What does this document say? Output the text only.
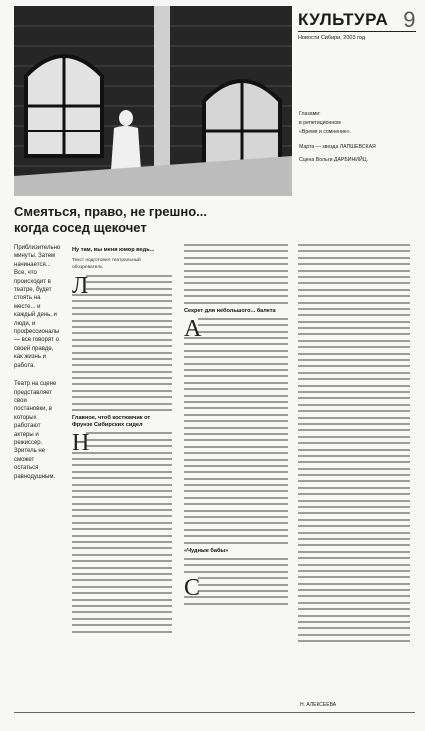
КУЛЬТУРА 9
Новости Сибири, 2003 год
Глазами:
в репетиционном
«Время и сомнение».
Марта — звезда ЛАПШЕВСКАЯ
Сцена Вольги ДАРБИНИЙЦ.
Смеяться, право, не грешно...
когда сосед щекочет
Приблизительно минуты. Затем начинается... Все, что происходит в театре, будет стоять на месте... и каждый день, и люди, и профессионалы — все говорят о своей правде, как жизнь и работа.
Театр на сцене представляет свои постановки, в которых работают актеры и режиссер. Зритель не сможет остаться равнодушным.
Ну там, вы меня юмор ведь...
Текст подготовил театральный обозреватель
Л
Главное, чтоб костюмчик от Фрунзе Сибирских сидел
Н
Секрет для небольшого... балета
А
«Чудные бабы»
С
Н. АЛЕКСЕЕВА
